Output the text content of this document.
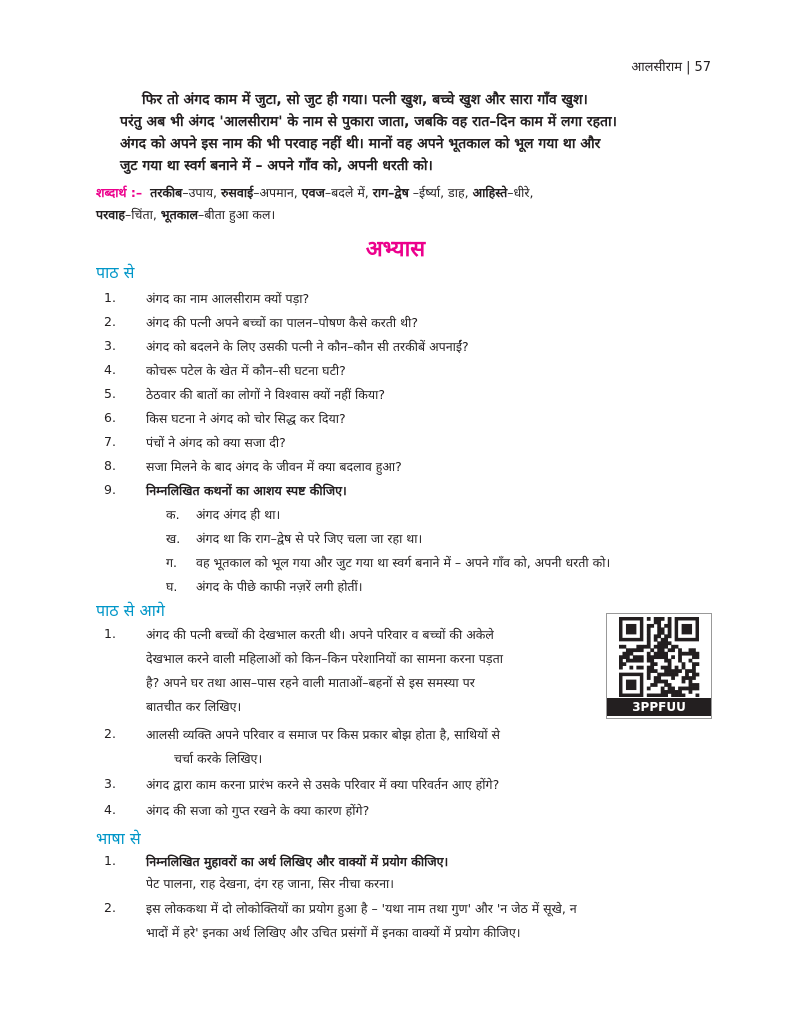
आलसीराम | 57

फिर तो अंगद काम में जुटा, सो जुट ही गया। पत्नी खुश, बच्चे खुश और सारा गाँव खुश।

परंतु अब भी अंगद 'आलसीराम' के नाम से पुकारा जाता, जबकि वह रात–दिन काम में लगा रहता।

अंगद को अपने इस नाम की भी परवाह नहीं थी। मानों वह अपने भूतकाल को भूल गया था और

जुट गया था स्वर्ग बनाने में – अपने गाँव को, अपनी धरती को।

शब्दार्थ :– तरकीब–उपाय, रुसवाई–अपमान, एवज–बदले में, राग–द्वेष –ईर्ष्या, डाह, आहिस्ते–धीरे,

परवाह–चिंता, भूतकाल–बीता हुआ कल।

अभ्यास
पाठ से
1. अंगद का नाम आलसीराम क्यों पड़ा?
2. अंगद की पत्नी अपने बच्चों का पालन–पोषण कैसे करती थी?
3. अंगद को बदलने के लिए उसकी पत्नी ने कौन–कौन सी तरकीबें अपनाईं?
4. कोचरू पटेल के खेत में कौन–सी घटना घटी?
5. ठेठवार की बातों का लोगों ने विश्वास क्यों नहीं किया?
6. किस घटना ने अंगद को चोर सिद्ध कर दिया?
7. पंचों ने अंगद को क्या सजा दी?
8. सजा मिलने के बाद अंगद के जीवन में क्या बदलाव हुआ?
9. निम्नलिखित कथनों का आशय स्पष्ट कीजिए।
क. अंगद अंगद ही था।
ख. अंगद था कि राग–द्वेष से परे जिए चला जा रहा था।
ग. वह भूतकाल को भूल गया और जुट गया था स्वर्ग बनाने में – अपने गाँव को, अपनी धरती को।
घ. अंगद के पीछे काफी नज़रें लगी होतीं।
पाठ से आगे
1. अंगद की पत्नी बच्चों की देखभाल करती थी। अपने परिवार व बच्चों की अकेले
देखभाल करने वाली महिलाओं को किन–किन परेशानियों का सामना करना पड़ता
है? अपने घर तथा आस–पास रहने वाली माताओं–बहनों से इस समस्या पर
बातचीत कर लिखिए।	3PPFUU
2. आलसी व्यक्ति अपने परिवार व समाज पर किस प्रकार बोझ होता है, साथियों से
चर्चा करके लिखिए।
3. अंगद द्वारा काम करना प्रारंभ करने से उसके परिवार में क्या परिवर्तन आए होंगे?
4. अंगद की सजा को गुप्त रखने के क्या कारण होंगे?
भाषा से
1. निम्नलिखित मुहावरों का अर्थ लिखिए और वाक्यों में प्रयोग कीजिए।
पेट पालना, राह देखना, दंग रह जाना, सिर नीचा करना।
2. इस लोककथा में दो लोकोक्तियों का प्रयोग हुआ है – 'यथा नाम तथा गुण' और 'न जेठ में सूखे, न
भादों में हरे' इनका अर्थ लिखिए और उचित प्रसंगों में इनका वाक्यों में प्रयोग कीजिए।
